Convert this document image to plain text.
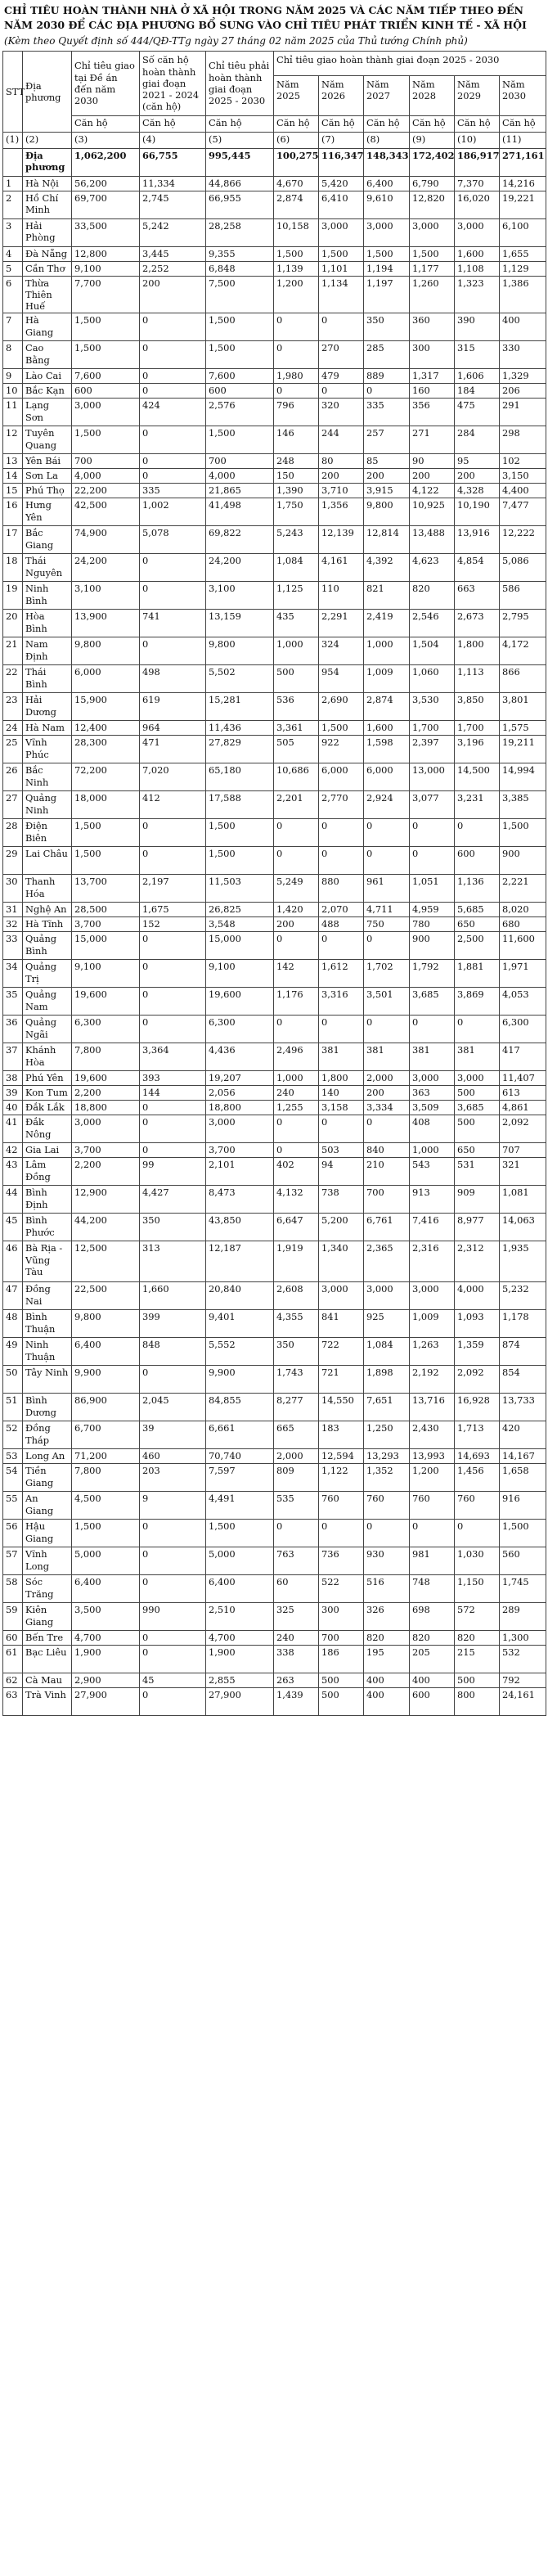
CHỈ TIÊU HOÀN THÀNH NHÀ Ở XÃ HỘI TRONG NĂM 2025 VÀ CÁC NĂM TIẾP THEO ĐẾN NĂM 2030 ĐỂ CÁC ĐỊA PHƯƠNG BỔ SUNG VÀO CHỈ TIÊU PHÁT TRIỂN KINH TẾ - XÃ HỘI
(Kèm theo Quyết định số 444/QĐ-TTg ngày 27 tháng 02 năm 2025 của Thủ tướng Chính phủ)
STT	Địa phương	Chỉ tiêu giao tại Đề án đến năm 2030	Số căn hộ hoàn thành giai đoạn 2021 - 2024 (căn hộ)	Chỉ tiêu phải hoàn thành giai đoạn 2025 - 2030	Chỉ tiêu giao hoàn thành giai đoạn 2025 - 2030					
					Năm 2025	Năm 2026	Năm 2027	Năm 2028	Năm 2029	Năm 2030
		Căn hộ	Căn hộ	Căn hộ	Căn hộ	Căn hộ	Căn hộ	Căn hộ	Căn hộ	Căn hộ
(1)	(2)	(3)	(4)	(5)	(6)	(7)	(8)	(9)	(10)	(11)
	Địa phương	1,062,200	66,755	995,445	100,275	116,347	148,343	172,402	186,917	271,161
1	Hà Nội	56,200	11,334	44,866	4,670	5,420	6,400	6,790	7,370	14,216
2	Hồ Chí Minh	69,700	2,745	66,955	2,874	6,410	9,610	12,820	16,020	19,221
3	Hải Phòng	33,500	5,242	28,258	10,158	3,000	3,000	3,000	3,000	6,100
4	Đà Nẵng	12,800	3,445	9,355	1,500	1,500	1,500	1,500	1,600	1,655
5	Cần Thơ	9,100	2,252	6,848	1,139	1,101	1,194	1,177	1,108	1,129
6	Thừa Thiên Huế	7,700	200	7,500	1,200	1,134	1,197	1,260	1,323	1,386
7	Hà Giang	1,500	0	1,500	0	0	350	360	390	400
8	Cao Bằng	1,500	0	1,500	0	270	285	300	315	330
9	Lào Cai	7,600	0	7,600	1,980	479	889	1,317	1,606	1,329
10	Bắc Kạn	600	0	600	0	0	0	160	184	206
11	Lạng Sơn	3,000	424	2,576	796	320	335	356	475	291
12	Tuyên Quang	1,500	0	1,500	146	244	257	271	284	298
13	Yên Bái	700	0	700	248	80	85	90	95	102
14	Sơn La	4,000	0	4,000	150	200	200	200	200	3,150
15	Phú Thọ	22,200	335	21,865	1,390	3,710	3,915	4,122	4,328	4,400
16	Hưng Yên	42,500	1,002	41,498	1,750	1,356	9,800	10,925	10,190	7,477
17	Bắc Giang	74,900	5,078	69,822	5,243	12,139	12,814	13,488	13,916	12,222
18	Thái Nguyên	24,200	0	24,200	1,084	4,161	4,392	4,623	4,854	5,086
19	Ninh Bình	3,100	0	3,100	1,125	110	821	820	663	586
20	Hòa Bình	13,900	741	13,159	435	2,291	2,419	2,546	2,673	2,795
21	Nam Định	9,800	0	9,800	1,000	324	1,000	1,504	1,800	4,172
22	Thái Bình	6,000	498	5,502	500	954	1,009	1,060	1,113	866
23	Hải Dương	15,900	619	15,281	536	2,690	2,874	3,530	3,850	3,801
24	Hà Nam	12,400	964	11,436	3,361	1,500	1,600	1,700	1,700	1,575
25	Vĩnh Phúc	28,300	471	27,829	505	922	1,598	2,397	3,196	19,211
26	Bắc Ninh	72,200	7,020	65,180	10,686	6,000	6,000	13,000	14,500	14,994
27	Quảng Ninh	18,000	412	17,588	2,201	2,770	2,924	3,077	3,231	3,385
28	Điện Biên	1,500	0	1,500	0	0	0	0	0	1,500
29	Lai Châu	1,500	0	1,500	0	0	0	0	600	900
30	Thanh Hóa	13,700	2,197	11,503	5,249	880	961	1,051	1,136	2,221
31	Nghệ An	28,500	1,675	26,825	1,420	2,070	4,711	4,959	5,685	8,020
32	Hà Tĩnh	3,700	152	3,548	200	488	750	780	650	680
33	Quảng Bình	15,000	0	15,000	0	0	0	900	2,500	11,600
34	Quảng Trị	9,100	0	9,100	142	1,612	1,702	1,792	1,881	1,971
35	Quảng Nam	19,600	0	19,600	1,176	3,316	3,501	3,685	3,869	4,053
36	Quảng Ngãi	6,300	0	6,300	0	0	0	0	0	6,300
37	Khánh Hòa	7,800	3,364	4,436	2,496	381	381	381	381	417
38	Phú Yên	19,600	393	19,207	1,000	1,800	2,000	3,000	3,000	11,407
39	Kon Tum	2,200	144	2,056	240	140	200	363	500	613
40	Đắk Lắk	18,800	0	18,800	1,255	3,158	3,334	3,509	3,685	4,861
41	Đắk Nông	3,000	0	3,000	0	0	0	408	500	2,092
42	Gia Lai	3,700	0	3,700	0	503	840	1,000	650	707
43	Lâm Đồng	2,200	99	2,101	402	94	210	543	531	321
44	Bình Định	12,900	4,427	8,473	4,132	738	700	913	909	1,081
45	Bình Phước	44,200	350	43,850	6,647	5,200	6,761	7,416	8,977	14,063
46	Bà Rịa - Vũng Tàu	12,500	313	12,187	1,919	1,340	2,365	2,316	2,312	1,935
47	Đồng Nai	22,500	1,660	20,840	2,608	3,000	3,000	3,000	4,000	5,232
48	Bình Thuận	9,800	399	9,401	4,355	841	925	1,009	1,093	1,178
49	Ninh Thuận	6,400	848	5,552	350	722	1,084	1,263	1,359	874
50	Tây Ninh	9,900	0	9,900	1,743	721	1,898	2,192	2,092	854
51	Bình Dương	86,900	2,045	84,855	8,277	14,550	7,651	13,716	16,928	13,733
52	Đồng Tháp	6,700	39	6,661	665	183	1,250	2,430	1,713	420
53	Long An	71,200	460	70,740	2,000	12,594	13,293	13,993	14,693	14,167
54	Tiền Giang	7,800	203	7,597	809	1,122	1,352	1,200	1,456	1,658
55	An Giang	4,500	9	4,491	535	760	760	760	760	916
56	Hậu Giang	1,500	0	1,500	0	0	0	0	0	1,500
57	Vĩnh Long	5,000	0	5,000	763	736	930	981	1,030	560
58	Sóc Trăng	6,400	0	6,400	60	522	516	748	1,150	1,745
59	Kiên Giang	3,500	990	2,510	325	300	326	698	572	289
60	Bến Tre	4,700	0	4,700	240	700	820	820	820	1,300
61	Bạc Liêu	1,900	0	1,900	338	186	195	205	215	532
62	Cà Mau	2,900	45	2,855	263	500	400	400	500	792
63	Trà Vinh	27,900	0	27,900	1,439	500	400	600	800	24,161
